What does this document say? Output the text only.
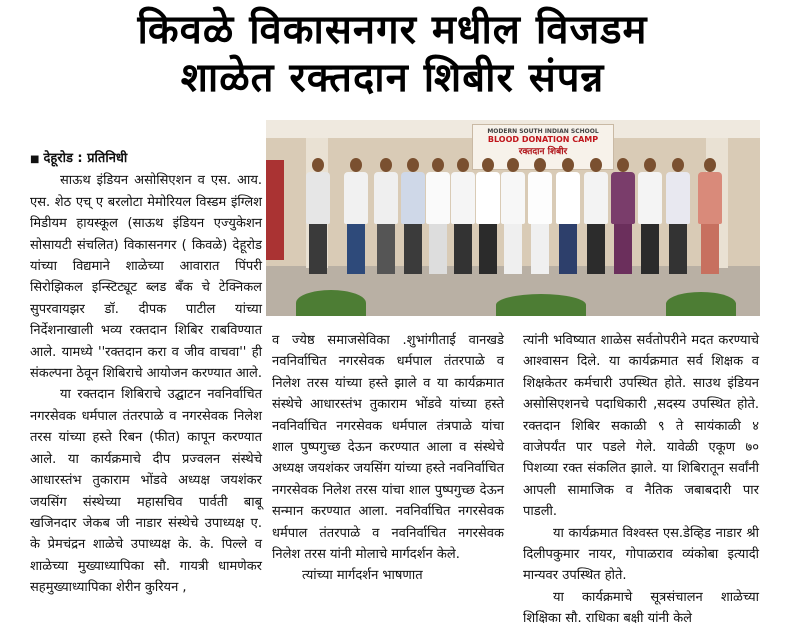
किवळे विकासनगर मधील विजडम
शाळेत रक्तदान शिबीर संपन्न

■ देहूरोड : प्रतिनिधी

साऊथ इंडियन असोसिएशन व एस. आय. एस. शेठ एच् ए बरलोटा मेमोरियल विस्डम इंग्लिश मिडीयम हायस्कूल (साऊथ इंडियन एज्युकेशन सोसायटी संचलित) विकासनगर ( किवळे) देहूरोड यांच्या विद्यमाने शाळेच्या आवारात पिंपरी सिरोझिकल इन्स्टिट्यूट ब्लड बँक चे टेक्निकल सुपरवायझर डॉ. दीपक पाटील यांच्या निर्देशनाखाली भव्य रक्तदान शिबिर राबविण्यात आले. यामध्ये ''रक्तदान करा व जीव वाचवा'' ही संकल्पना ठेवून शिबिराचे आयोजन करण्यात आले.

या रक्तदान शिबिराचे उद्घाटन नवनिर्वाचित नगरसेवक धर्मपाल तंतरपाळे व नगरसेवक निलेश तरस यांच्या हस्ते रिबन (फीत) कापून करण्यात आले. या कार्यक्रमाचे दीप प्रज्वलन संस्थेचे आधारस्तंभ तुकाराम भोंडवे अध्यक्ष जयशंकर जयसिंग संस्थेच्या महासचिव पार्वती बाबू खजिनदार जेकब जी नाडार संस्थेचे उपाध्यक्ष ए. के प्रेमचंद्रन शाळेचे उपाध्यक्ष के. के. पिल्ले व शाळेच्या मुख्याध्यापिका सौ. गायत्री धामणेकर सहमुख्याध्यापिका शेरीन कुरियन ,

MODERN SOUTH INDIAN SCHOOL
BLOOD DONATION CAMP
रक्तदान शिबीर

व ज्येष्ठ समाजसेविका .शुभांगीताई वानखडे नवनिर्वाचित नगरसेवक धर्मपाल तंतरपाळे व निलेश तरस यांच्या हस्ते झाले व या कार्यक्रमात संस्थेचे आधारस्तंभ तुकाराम भोंडवे यांच्या हस्ते नवनिर्वाचित नगरसेवक धर्मपाल तंत्रपाळे यांचा शाल पुष्पगुच्छ देऊन करण्यात आला व संस्थेचे अध्यक्ष जयशंकर जयसिंग यांच्या हस्ते नवनिर्वाचित नगरसेवक निलेश तरस यांचा शाल पुष्पगुच्छ देऊन सन्मान करण्यात आला. नवनिर्वाचित नगरसेवक धर्मपाल तंतरपाळे व नवनिर्वाचित नगरसेवक निलेश तरस यांनी मोलाचे मार्गदर्शन केले.

त्यांच्या मार्गदर्शन भाषणात

त्यांनी भविष्यात शाळेस सर्वतोपरीने मदत करण्याचे आश्वासन दिले. या कार्यक्रमात सर्व शिक्षक व शिक्षकेतर कर्मचारी उपस्थित होते. साउथ इंडियन असोसिएशनचे पदाधिकारी ,सदस्य उपस्थित होते. रक्तदान शिबिर सकाळी ९ ते सायंकाळी ४ वाजेपर्यंत पार पडले गेले. यावेळी एकूण ७० पिशव्या रक्त संकलित झाले. या शिबिरातून सर्वांनी आपली सामाजिक व नैतिक जबाबदारी पार पाडली.

या कार्यक्रमात विश्वस्त एस.डेव्हिड नाडार श्री दिलीपकुमार नायर, गोपाळराव व्यंकोबा इत्यादी मान्यवर उपस्थित होते.

या कार्यक्रमाचे सूत्रसंचालन शाळेच्या शिक्षिका सौ. राधिका बक्षी यांनी केले
